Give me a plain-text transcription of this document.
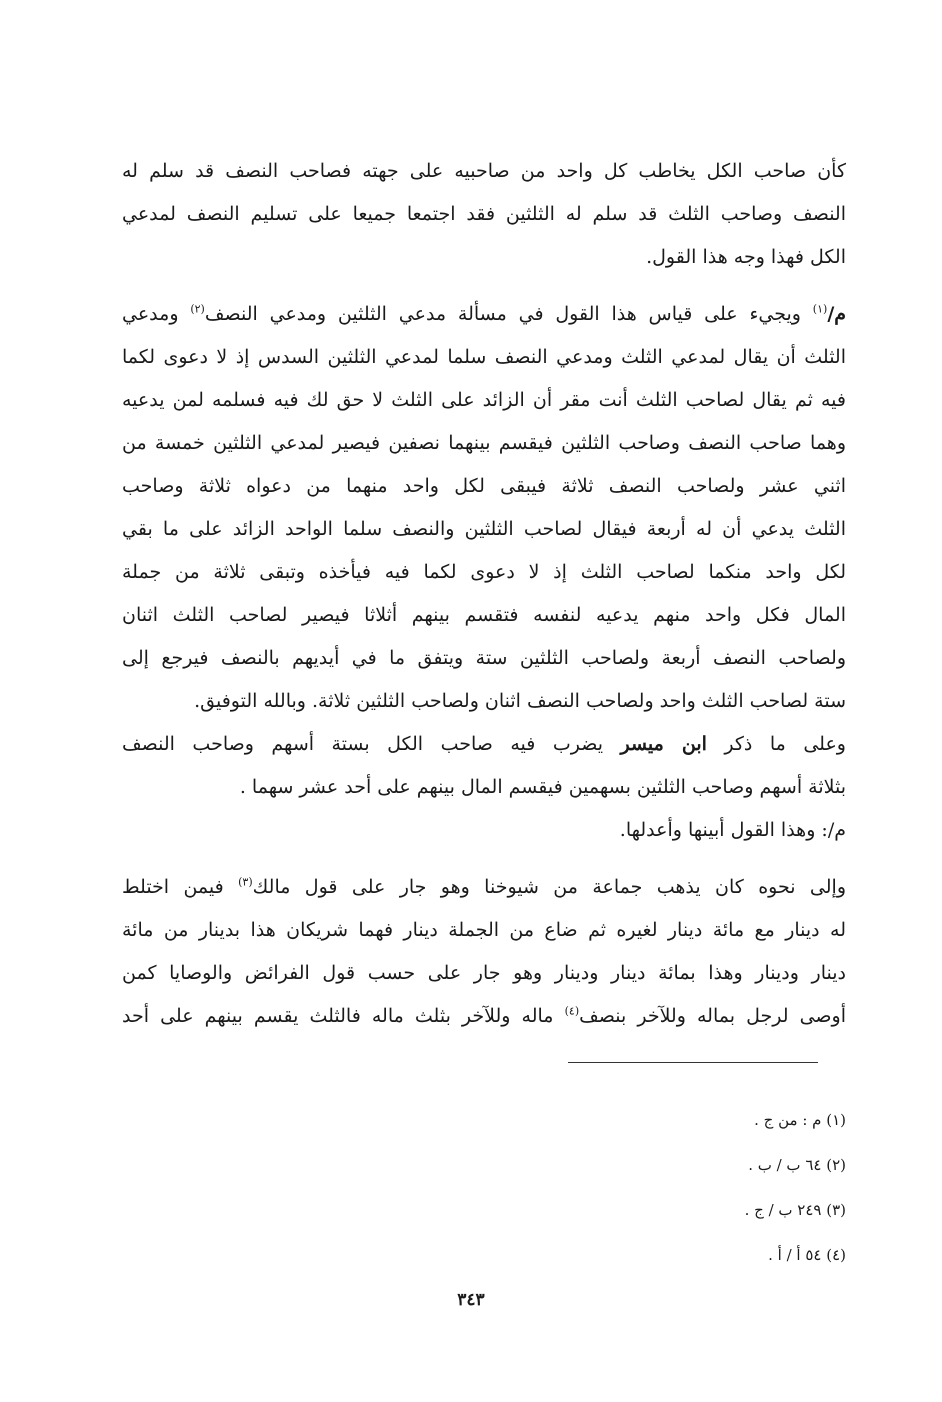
كأن صاحب الكل يخاطب كل واحد من صاحبيه على جهته فصاحب النصف قد سلم له
النصف وصاحب الثلث قد سلم له الثلثين فقد اجتمعا جميعا على تسليم النصف لمدعي
الكل فهذا وجه هذا القول.
م/$^{(١)}$ ويجيء على قياس هذا القول في مسألة مدعي الثلثين ومدعي النصف$^{(٢)}$ ومدعي
الثلث أن يقال لمدعي الثلث ومدعي النصف سلما لمدعي الثلثين السدس إذ لا دعوى لكما
فيه ثم يقال لصاحب الثلث أنت مقر أن الزائد على الثلث لا حق لك فيه فسلمه لمن يدعيه
وهما صاحب النصف وصاحب الثلثين فيقسم بينهما نصفين فيصير لمدعي الثلثين خمسة من
اثني عشر ولصاحب النصف ثلاثة فيبقى لكل واحد منهما من دعواه ثلاثة وصاحب
الثلث يدعي أن له أربعة فيقال لصاحب الثلثين والنصف سلما الواحد الزائد على ما بقي
لكل واحد منكما لصاحب الثلث إذ لا دعوى لكما فيه فيأخذه وتبقى ثلاثة من جملة
المال فكل واحد منهم يدعيه لنفسه فتقسم بينهم أثلاثا فيصير لصاحب الثلث اثنان
ولصاحب النصف أربعة ولصاحب الثلثين ستة ويتفق ما في أيديهم بالنصف فيرجع إلى
ستة لصاحب الثلث واحد ولصاحب النصف اثنان ولصاحب الثلثين ثلاثة. وبالله التوفيق.
وعلى ما ذكر ابن ميسر يضرب فيه صاحب الكل بستة أسهم وصاحب النصف
بثلاثة أسهم وصاحب الثلثين بسهمين فيقسم المال بينهم على أحد عشر سهما .
م/: وهذا القول أبينها وأعدلها.
وإلى نحوه كان يذهب جماعة من شيوخنا وهو جار على قول مالك$^{(٣)}$ فيمن اختلط
له دينار مع مائة دينار لغيره ثم ضاع من الجملة دينار فهما شريكان هذا بدينار من مائة
دينار ودينار وهذا بمائة دينار ودينار وهو جار على حسب قول الفرائض والوصايا كمن
أوصى لرجل بماله وللآخر بنصف$^{(٤)}$ ماله وللآخر بثلث ماله فالثلث يقسم بينهم على أحد
(١) م : من ج .
(٢) ٦٤ ب / ب .
(٣) ٢٤٩ ب / ج .
(٤) ٥٤ أ / أ .
٣٤٣
